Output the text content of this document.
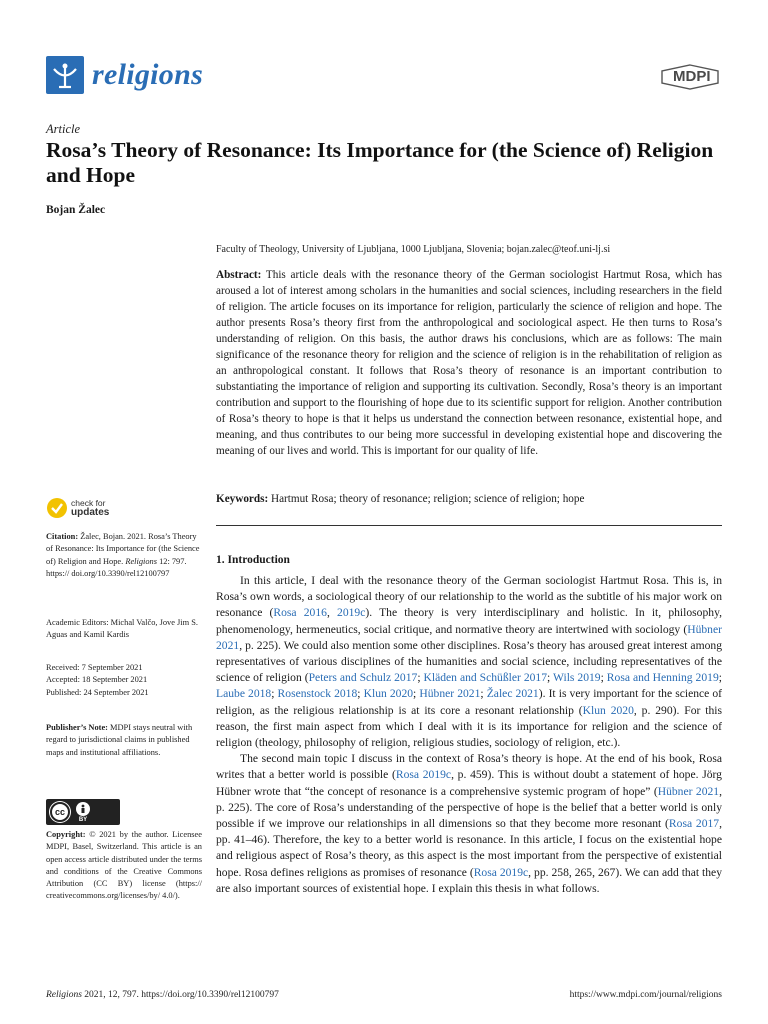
religions	MDPI
Article
Rosa’s Theory of Resonance: Its Importance for (the Science of) Religion and Hope
Bojan Žalec
Faculty of Theology, University of Ljubljana, 1000 Ljubljana, Slovenia; bojan.zalec@teof.uni-lj.si
Abstract: This article deals with the resonance theory of the German sociologist Hartmut Rosa, which has aroused a lot of interest among scholars in the humanities and social sciences, including researchers in the field of religion. The article focuses on its importance for religion, particularly the science of religion and hope. The author presents Rosa’s theory first from the anthropological and sociological aspect. He then turns to Rosa’s understanding of religion. On this basis, the author draws his conclusions, which are as follows: The main significance of the resonance theory for religion and the science of religion is in the rehabilitation of religion as an anthropological constant. It follows that Rosa’s theory of resonance is an important contribution to substantiating the importance of religion and supporting its cultivation. Secondly, Rosa’s theory is an important contribution and support to the flourishing of hope due to its scientific support for religion. Another contribution of Rosa’s theory to hope is that it helps us understand the connection between resonance, existential hope, and meaning, and thus contributes to our being more successful in developing existential hope and discovering the meaning of our lives and world. This is important for our quality of life.
Keywords: Hartmut Rosa; theory of resonance; religion; science of religion; hope
check for
updates
Citation: Žalec, Bojan. 2021. Rosa’s Theory of Resonance: Its Importance for (the Science of) Religion and Hope. Religions 12: 797. https:// doi.org/10.3390/rel12100797
Academic Editors: Michal Valčo, Jove Jim S. Aguas and Kamil Kardis
Received: 7 September 2021
Accepted: 18 September 2021
Published: 24 September 2021
Publisher’s Note: MDPI stays neutral with regard to jurisdictional claims in published maps and institutional affiliations.
cc
BY
Copyright: © 2021 by the author. Licensee MDPI, Basel, Switzerland. This article is an open access article distributed under the terms and conditions of the Creative Commons Attribution (CC BY) license (https:// creativecommons.org/licenses/by/ 4.0/).
1. Introduction

In this article, I deal with the resonance theory of the German sociologist Hartmut Rosa. This is, in Rosa’s own words, a sociological theory of our relationship to the world as the subtitle of his major work on resonance (Rosa 2016, 2019c). The theory is very interdisciplinary and holistic. In it, philosophy, phenomenology, hermeneutics, social critique, and normative theory are intertwined with sociology (Hübner 2021, p. 225). We could also mention some other disciplines. Rosa’s theory has aroused great interest among representatives of various disciplines of the humanities and social science, including representatives of the science of religion (Peters and Schulz 2017; Kläden and Schüßler 2017; Wils 2019; Rosa and Henning 2019; Laube 2018; Rosenstock 2018; Klun 2020; Hübner 2021; Žalec 2021). It is very important for the science of religion, as the religious relationship is at its core a resonant relationship (Klun 2020, p. 290). For this reason, the first main aspect from which I deal with it is its importance for religion and the science of religion (theology, philosophy of religion, religious studies, sociology of religion, etc.).

The second main topic I discuss in the context of Rosa’s theory is hope. At the end of his book, Rosa writes that a better world is possible (Rosa 2019c, p. 459). This is without doubt a statement of hope. Jörg Hübner wrote that “the concept of resonance is a comprehensive systemic program of hope” (Hübner 2021, p. 225). The core of Rosa’s understanding of the perspective of hope is the belief that a better world is only possible if we improve our relationships in all dimensions so that they become more resonant (Rosa 2017, pp. 41–46). Therefore, the key to a better world is resonance. In this article, I focus on the existential hope and religious aspect of Rosa’s theory, as this aspect is the most important from the perspective of existential hope. Rosa defines religions as promises of resonance (Rosa 2019c, pp. 258, 265, 267). We can add that they are also important sources of existential hope. I explain this thesis in what follows.

Religions 2021, 12, 797. https://doi.org/10.3390/rel12100797	https://www.mdpi.com/journal/religions
